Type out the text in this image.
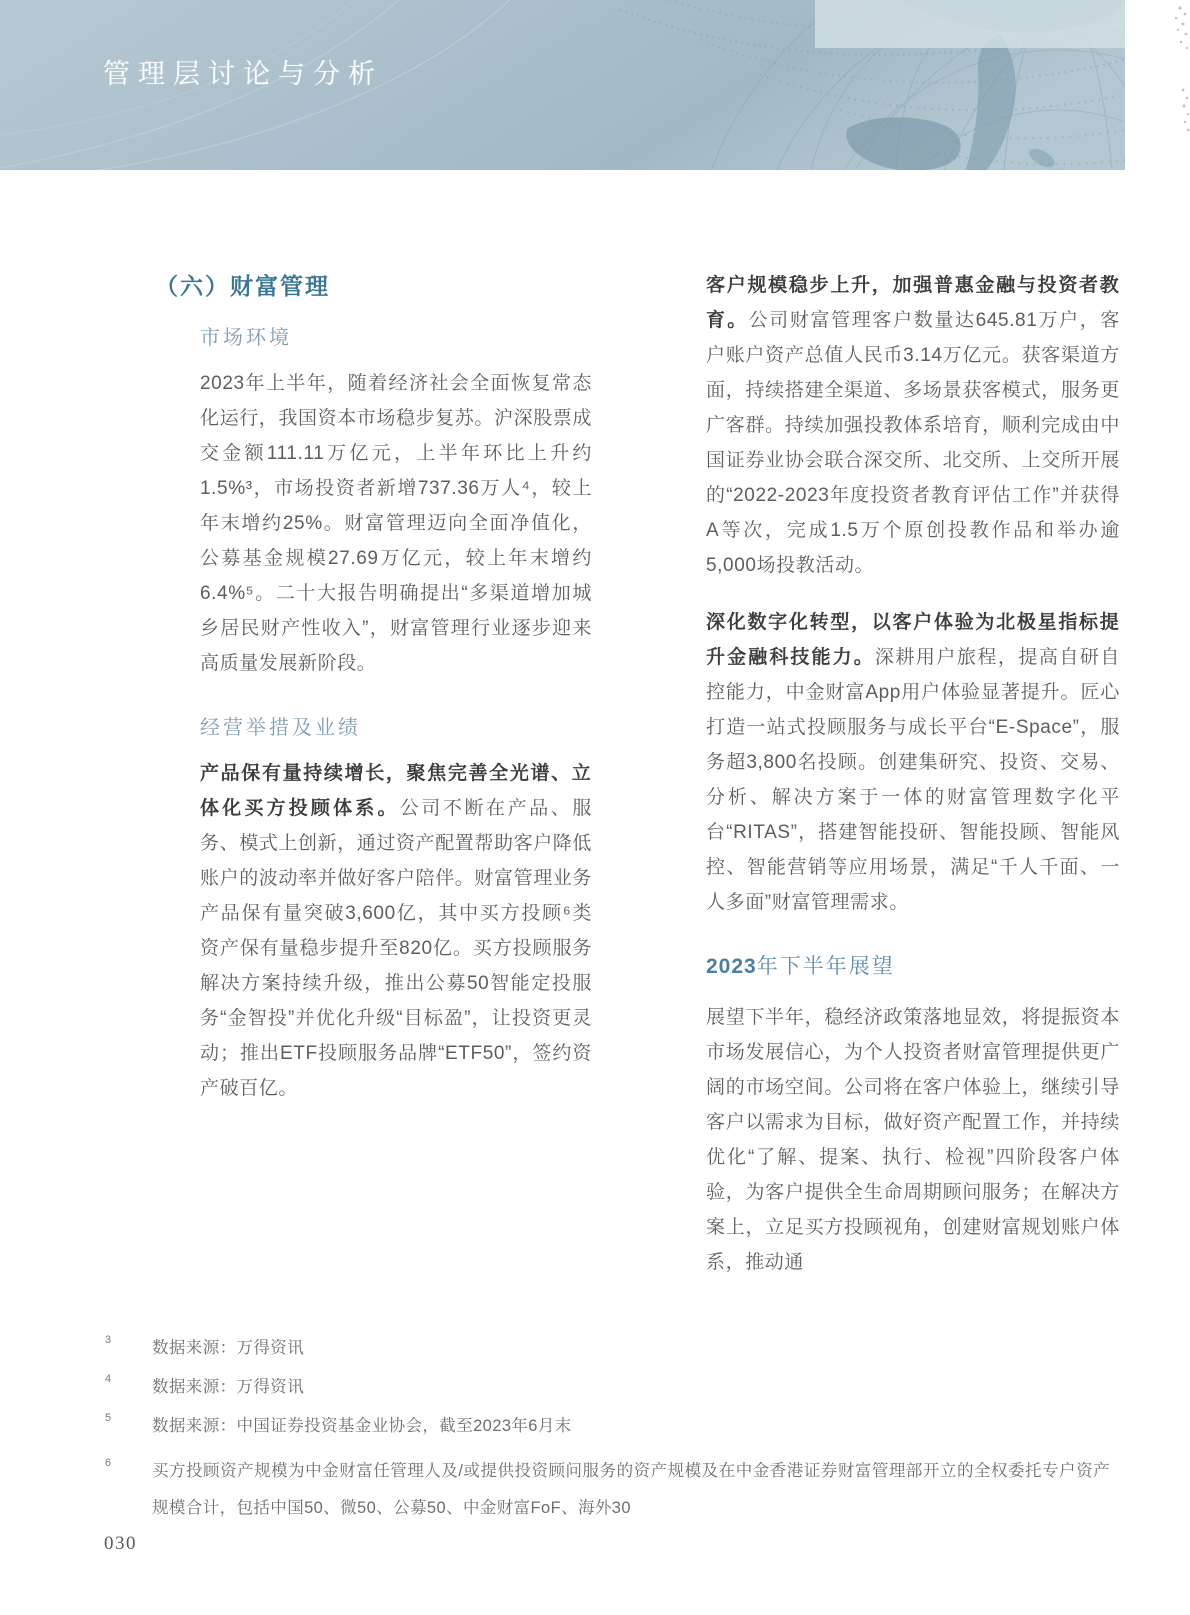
管理层讨论与分析
（六）财富管理
市场环境

2023年上半年，随着经济社会全面恢复常态化运行，我国资本市场稳步复苏。沪深股票成交金额111.11万亿元，上半年环比上升约1.5%³，市场投资者新增737.36万人⁴，较上年末增约25%。财富管理迈向全面净值化，公募基金规模27.69万亿元，较上年末增约6.4%⁵。二十大报告明确提出“多渠道增加城乡居民财产性收入”，财富管理行业逐步迎来高质量发展新阶段。

经营举措及业绩

产品保有量持续增长，聚焦完善全光谱、立体化买方投顾体系。公司不断在产品、服务、模式上创新，通过资产配置帮助客户降低账户的波动率并做好客户陪伴。财富管理业务产品保有量突破3,600亿，其中买方投顾⁶类资产保有量稳步提升至820亿。买方投顾服务解决方案持续升级，推出公募50智能定投服务“金智投”并优化升级“目标盈”，让投资更灵动；推出ETF投顾服务品牌“ETF50”，签约资产破百亿。

客户规模稳步上升，加强普惠金融与投资者教育。公司财富管理客户数量达645.81万户，客户账户资产总值人民币3.14万亿元。获客渠道方面，持续搭建全渠道、多场景获客模式，服务更广客群。持续加强投教体系培育，顺利完成由中国证券业协会联合深交所、北交所、上交所开展的“2022-2023年度投资者教育评估工作”并获得A等次，完成1.5万个原创投教作品和举办逾5,000场投教活动。

深化数字化转型，以客户体验为北极星指标提升金融科技能力。深耕用户旅程，提高自研自控能力，中金财富App用户体验显著提升。匠心打造一站式投顾服务与成长平台“E-Space”，服务超3,800名投顾。创建集研究、投资、交易、分析、解决方案于一体的财富管理数字化平台“RITAS”，搭建智能投研、智能投顾、智能风控、智能营销等应用场景，满足“千人千面、一人多面”财富管理需求。

2023年下半年展望

展望下半年，稳经济政策落地显效，将提振资本市场发展信心，为个人投资者财富管理提供更广阔的市场空间。公司将在客户体验上，继续引导客户以需求为目标，做好资产配置工作，并持续优化“了解、提案、执行、检视”四阶段客户体验，为客户提供全生命周期顾问服务；在解决方案上，立足买方投顾视角，创建财富规划账户体系，推动通

3	数据来源：万得资讯
4	数据来源：万得资讯
5	数据来源：中国证券投资基金业协会，截至2023年6月末
6	买方投顾资产规模为中金财富任管理人及/或提供投资顾问服务的资产规模及在中金香港证券财富管理部开立的全权委托专户资产规模合计，包括中国50、微50、公募50、中金财富FoF、海外30
030
